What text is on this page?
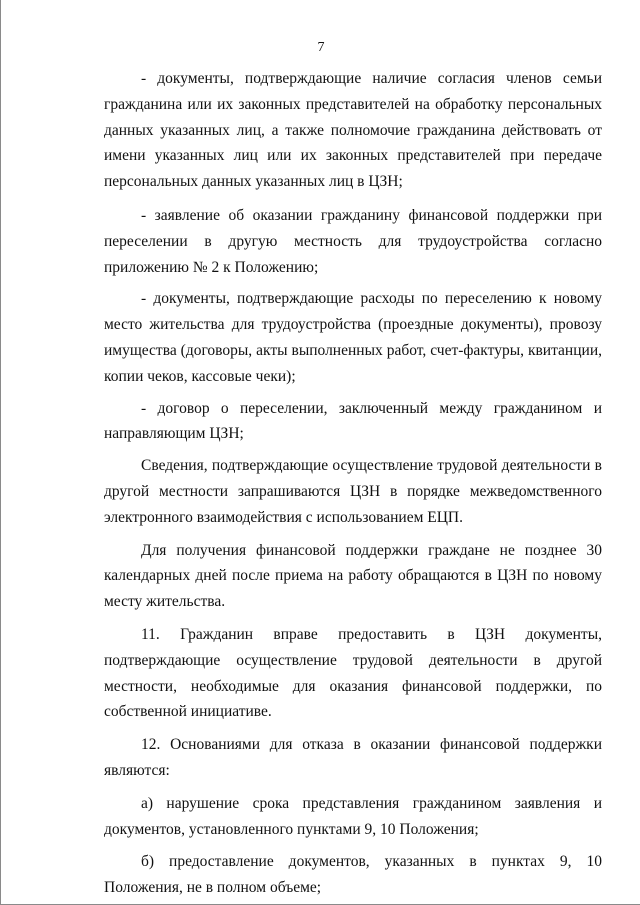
7

- документы, подтверждающие наличие согласия членов семьи гражданина или их законных представителей на обработку персональных данных указанных лиц, а также полномочие гражданина действовать от имени указанных лиц или их законных представителей при передаче персональных данных указанных лиц в ЦЗН;

- заявление об оказании гражданину финансовой поддержки при переселении в другую местность для трудоустройства согласно приложению № 2 к Положению;

- документы, подтверждающие расходы по переселению к новому место жительства для трудоустройства (проездные документы), провозу имущества (договоры, акты выполненных работ, счет-фактуры, квитанции, копии чеков, кассовые чеки);

- договор о переселении, заключенный между гражданином и направляющим ЦЗН;

Сведения, подтверждающие осуществление трудовой деятельности в другой местности запрашиваются ЦЗН в порядке межведомственного электронного взаимодействия с использованием ЕЦП.

Для получения финансовой поддержки граждане не позднее 30 календарных дней после приема на работу обращаются в ЦЗН по новому месту жительства.

11. Гражданин вправе предоставить в ЦЗН документы, подтверждающие осуществление трудовой деятельности в другой местности, необходимые для оказания финансовой поддержки, по собственной инициативе.

12. Основаниями для отказа в оказании финансовой поддержки являются:

а) нарушение срока представления гражданином заявления и документов, установленного пунктами 9, 10 Положения;

б) предоставление документов, указанных в пунктах 9, 10 Положения, не в полном объеме;
